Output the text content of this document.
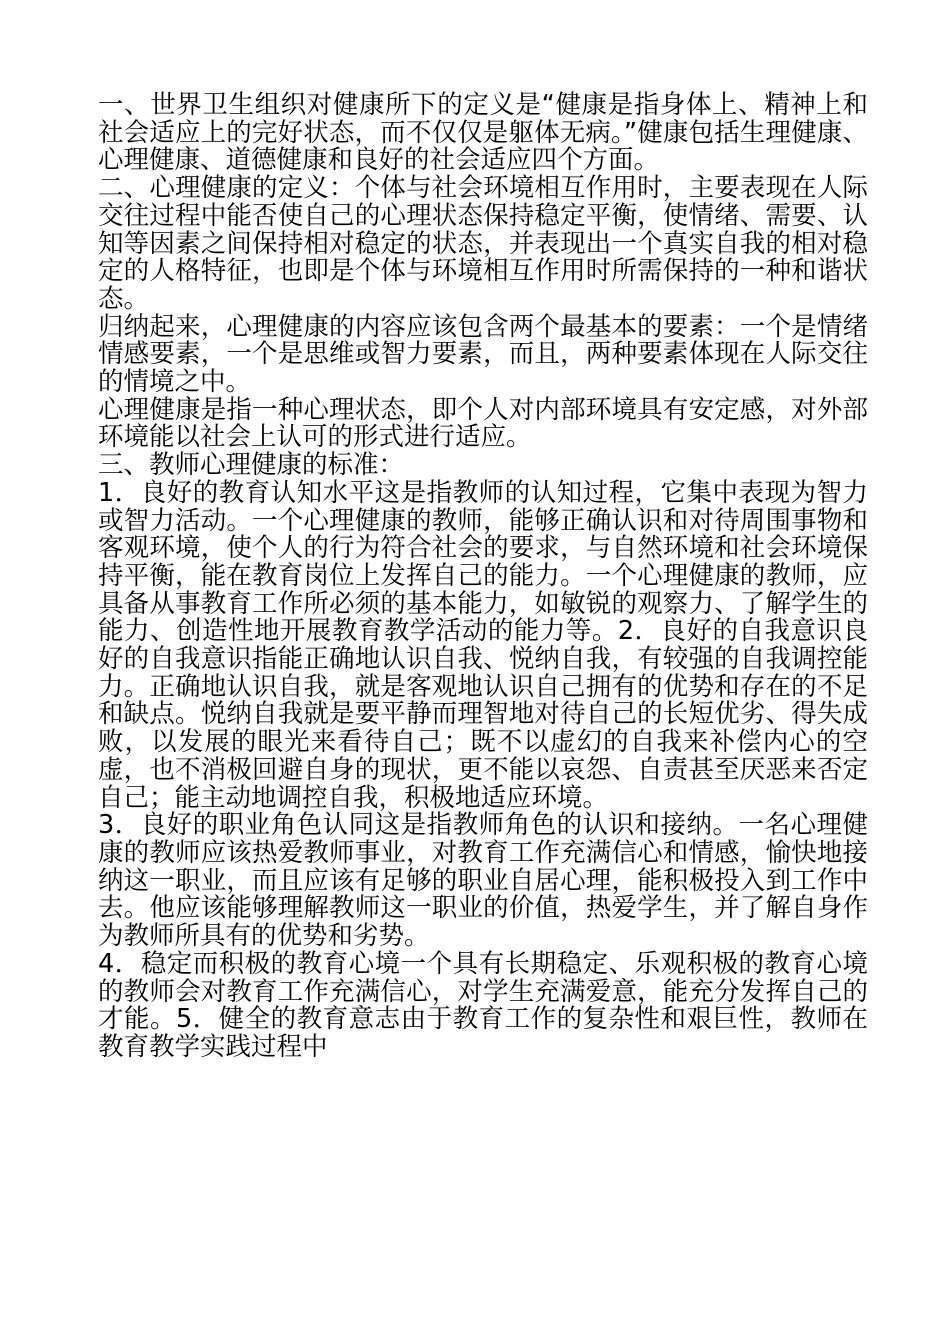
一、世界卫生组织对健康所下的定义是“健康是指身体上、精神上和社会适应上的完好状态，而不仅仅是躯体无病。”健康包括生理健康、心理健康、道德健康和良好的社会适应四个方面。

二、心理健康的定义：个体与社会环境相互作用时，主要表现在人际交往过程中能否使自己的心理状态保持稳定平衡，使情绪、需要、认知等因素之间保持相对稳定的状态，并表现出一个真实自我的相对稳定的人格特征，也即是个体与环境相互作用时所需保持的一种和谐状态。

归纳起来，心理健康的内容应该包含两个最基本的要素：一个是情绪情感要素，一个是思维或智力要素，而且，两种要素体现在人际交往的情境之中。

心理健康是指一种心理状态，即个人对内部环境具有安定感，对外部环境能以社会上认可的形式进行适应。

三、教师心理健康的标准：

1．良好的教育认知水平这是指教师的认知过程，它集中表现为智力或智力活动。一个心理健康的教师，能够正确认识和对待周围事物和客观环境，使个人的行为符合社会的要求，与自然环境和社会环境保持平衡，能在教育岗位上发挥自己的能力。一个心理健康的教师，应具备从事教育工作所必须的基本能力，如敏锐的观察力、了解学生的能力、创造性地开展教育教学活动的能力等。2．良好的自我意识良好的自我意识指能正确地认识自我、悦纳自我，有较强的自我调控能力。正确地认识自我，就是客观地认识自己拥有的优势和存在的不足和缺点。悦纳自我就是要平静而理智地对待自己的长短优劣、得失成败，以发展的眼光来看待自己；既不以虚幻的自我来补偿内心的空虚，也不消极回避自身的现状，更不能以哀怨、自责甚至厌恶来否定自己；能主动地调控自我，积极地适应环境。

3．良好的职业角色认同这是指教师角色的认识和接纳。一名心理健康的教师应该热爱教师事业，对教育工作充满信心和情感，愉快地接纳这一职业，而且应该有足够的职业自居心理，能积极投入到工作中去。他应该能够理解教师这一职业的价值，热爱学生，并了解自身作为教师所具有的优势和劣势。

4．稳定而积极的教育心境一个具有长期稳定、乐观积极的教育心境的教师会对教育工作充满信心，对学生充满爱意，能充分发挥自己的才能。5．健全的教育意志由于教育工作的复杂性和艰巨性，教师在教育教学实践过程中
